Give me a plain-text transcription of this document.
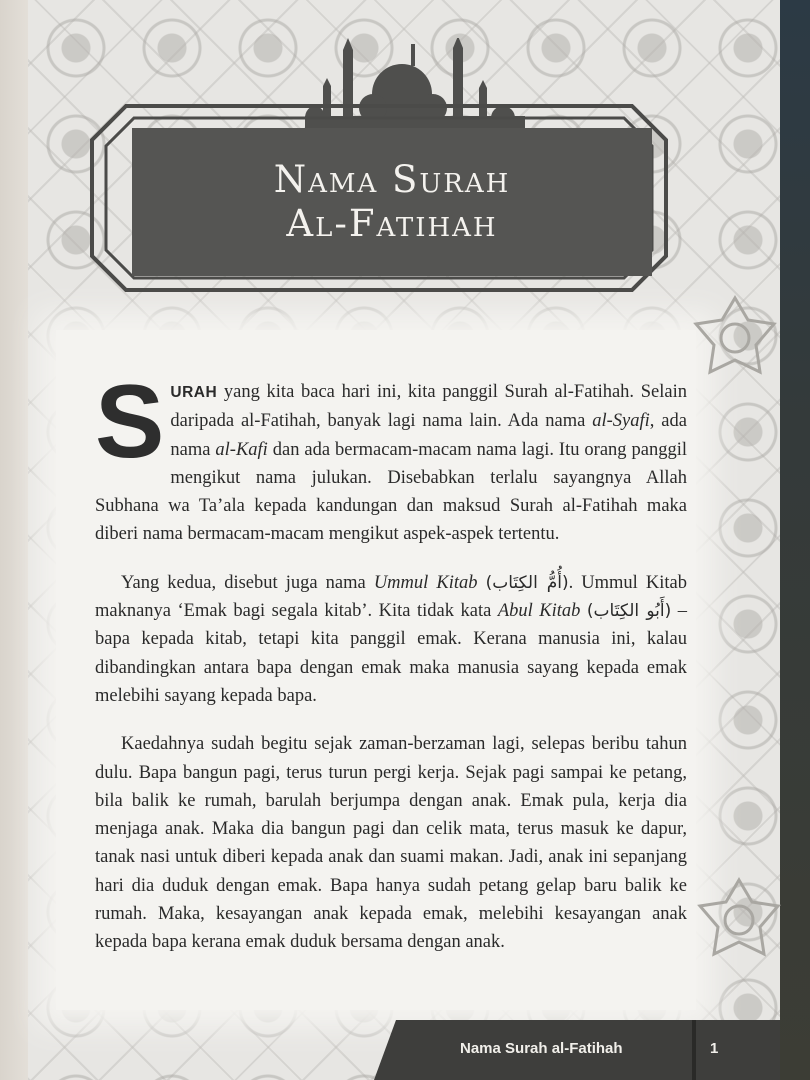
Nama Surah
Al-Fatihah

SURAH yang kita baca hari ini, kita panggil Surah al-Fatihah. Selain daripada al-Fatihah, banyak lagi nama lain. Ada nama al-Syafi, ada nama al-Kafi dan ada bermacam-macam nama lagi. Itu orang panggil mengikut nama julukan. Disebabkan terlalu sayangnya Allah Subhana wa Ta’ala kepada kandungan dan maksud Surah al-Fatihah maka diberi nama bermacam-macam mengikut aspek-aspek tertentu.

Yang kedua, disebut juga nama Ummul Kitab (أُمُّ الكِتَاب). Ummul Kitab maknanya ‘Emak bagi segala kitab’. Kita tidak kata Abul Kitab (أَبُو الكِتَاب) – bapa kepada kitab, tetapi kita panggil emak. Kerana manusia ini, kalau dibandingkan antara bapa dengan emak maka manusia sayang kepada emak melebihi sayang kepada bapa.

Kaedahnya sudah begitu sejak zaman-berzaman lagi, selepas beribu tahun dulu. Bapa bangun pagi, terus turun pergi kerja. Sejak pagi sampai ke petang, bila balik ke rumah, barulah berjumpa dengan anak. Emak pula, kerja dia menjaga anak. Maka dia bangun pagi dan celik mata, terus masuk ke dapur, tanak nasi untuk diberi kepada anak dan suami makan. Jadi, anak ini sepanjang hari dia duduk dengan emak. Bapa hanya sudah petang gelap baru balik ke rumah. Maka, kesayangan anak kepada emak, melebihi kesayangan anak kepada bapa kerana emak duduk bersama dengan anak.

Nama Surah al-Fatihah	1
